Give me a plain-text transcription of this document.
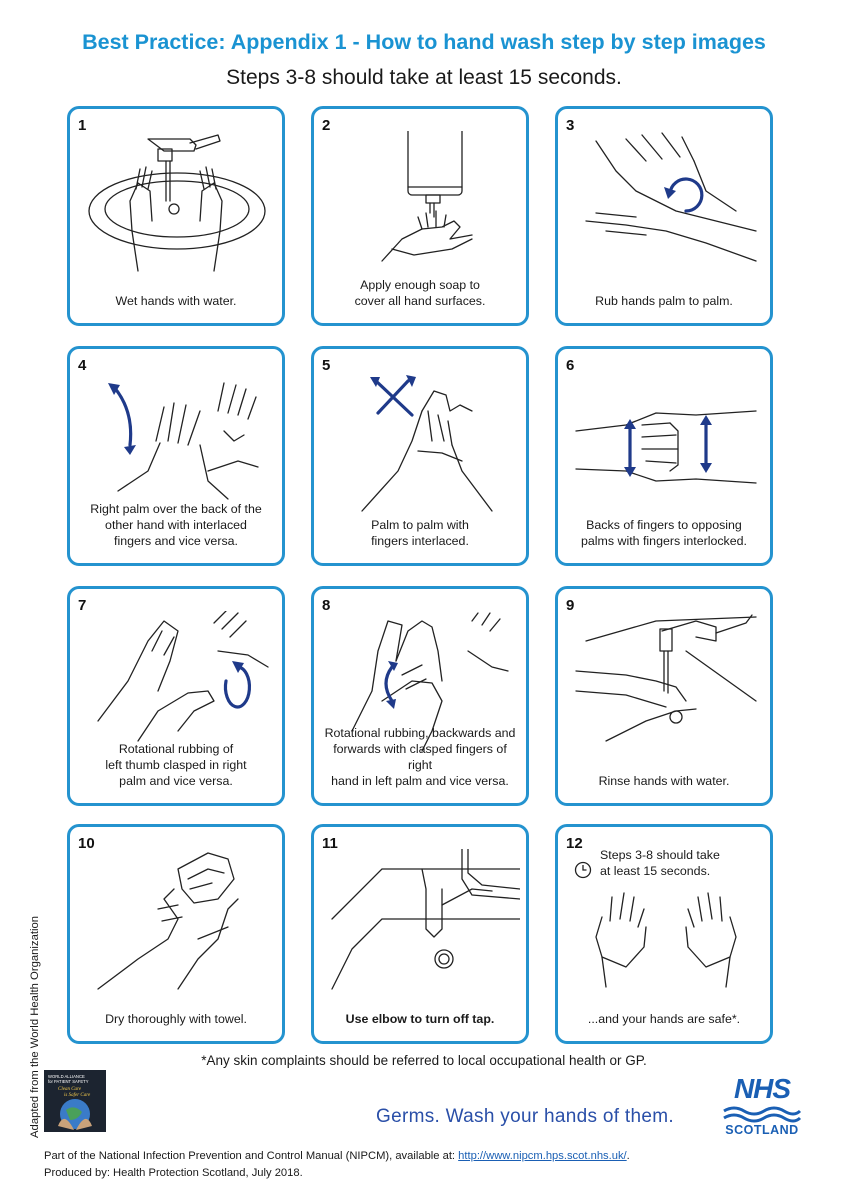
Best Practice: Appendix 1 - How to hand wash step by step images
Steps 3-8 should take at least 15 seconds.
1
Wet hands with water.
2
Apply enough soap to
cover all hand surfaces.
3
Rub hands palm to palm.
4
Right palm over the back of the
other hand with interlaced
fingers and vice versa.
5
Palm to palm with
fingers interlaced.
6
Backs of fingers to opposing
palms with fingers interlocked.
7
Rotational rubbing of
left thumb clasped in right
palm and vice versa.
8
Rotational rubbing, backwards and
forwards with clasped fingers of right
hand in left palm and vice versa.
9
Rinse hands with water.
10
Dry thoroughly with towel.
11
Use elbow to turn off tap.
12
Steps 3-8 should take
at least 15 seconds.
...and your hands are safe*.
*Any skin complaints should be referred to local occupational health or GP.
Adapted from the World Health Organization WORLD ALLIANCE
for PATIENT SAFETY
Clean Care
is Safer Care
Germs. Wash your hands of them.
NHS
SCOTLAND
Part of the National Infection Prevention and Control Manual (NIPCM), available at: http://www.nipcm.hps.scot.nhs.uk/.
Produced by: Health Protection Scotland, July 2018.
